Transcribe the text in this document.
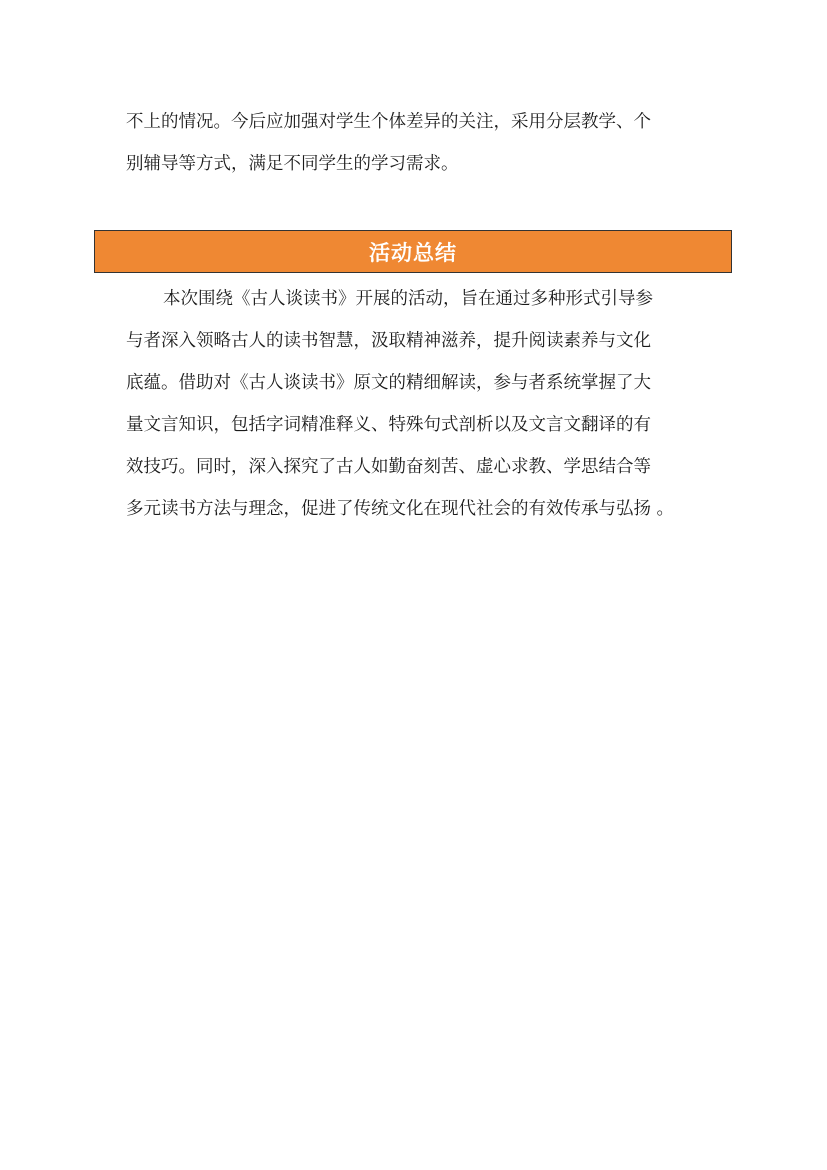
不上的情况。今后应加强对学生个体差异的关注，采用分层教学、个
别辅导等方式，满足不同学生的学习需求。
活动总结
本次围绕《古人谈读书》开展的活动，旨在通过多种形式引导参
与者深入领略古人的读书智慧，汲取精神滋养，提升阅读素养与文化
底蕴。借助对《古人谈读书》原文的精细解读，参与者系统掌握了大
量文言知识，包括字词精准释义、特殊句式剖析以及文言文翻译的有
效技巧。同时，深入探究了古人如勤奋刻苦、虚心求教、学思结合等
多元读书方法与理念，促进了传统文化在现代社会的有效传承与弘扬 。
